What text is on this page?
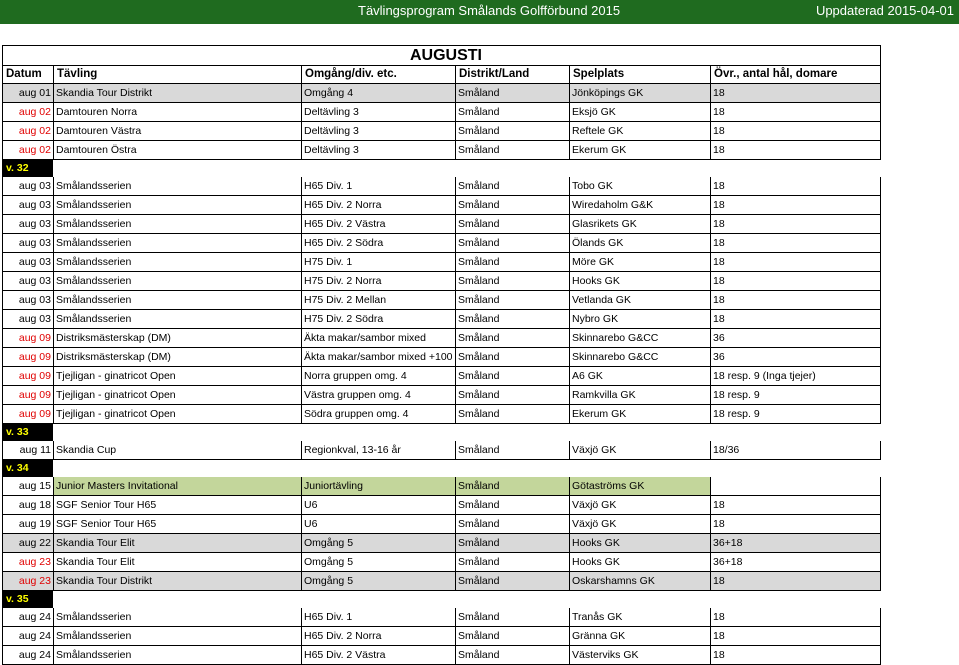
Tävlingsprogram Smålands Golfförbund 2015	Uppdaterad 2015-04-01
AUGUSTI
Datum	Tävling	Omgång/div. etc.	Distrikt/Land	Spelplats	Övr., antal hål, domare
aug 01 Skandia Tour Distrikt	Omgång 4	Småland	Jönköpings GK	18
aug 02 Damtouren Norra	Deltävling 3	Småland	Eksjö GK	18
aug 02 Damtouren Västra	Deltävling 3	Småland	Reftele GK	18
aug 02 Damtouren Östra	Deltävling 3	Småland	Ekerum GK	18
v. 32
aug 03 Smålandsserien	H65 Div. 1	Småland	Tobo GK	18
aug 03 Smålandsserien	H65 Div. 2 Norra	Småland	Wiredaholm G&K	18
aug 03 Smålandsserien	H65 Div. 2 Västra	Småland	Glasrikets GK	18
aug 03 Smålandsserien	H65 Div. 2 Södra	Småland	Ölands GK	18
aug 03 Smålandsserien	H75 Div. 1	Småland	Möre GK	18
aug 03 Smålandsserien	H75 Div. 2 Norra	Småland	Hooks GK	18
aug 03 Smålandsserien	H75 Div. 2 Mellan	Småland	Vetlanda GK	18
aug 03 Smålandsserien	H75 Div. 2 Södra	Småland	Nybro GK	18
aug 09 Distriksmästerskap (DM)	Äkta makar/sambor mixed	Småland	Skinnarebo G&CC	36
aug 09 Distriksmästerskap (DM)	Äkta makar/sambor mixed +100 Småland	Skinnarebo G&CC	36
aug 09 Tjejligan - ginatricot Open	Norra gruppen omg. 4	Småland	A6 GK	18 resp. 9 (Inga tjejer)
aug 09 Tjejligan - ginatricot Open	Västra gruppen omg. 4	Småland	Ramkvilla GK	18 resp. 9
aug 09 Tjejligan - ginatricot Open	Södra gruppen omg. 4	Småland	Ekerum GK	18 resp. 9
v. 33
aug 11 Skandia Cup	Regionkval, 13-16 år	Småland	Växjö GK	18/36
v. 34
aug 15 Junior Masters Invitational	Juniortävling	Småland	Götaströms GK
aug 18 SGF Senior Tour H65	U6	Småland	Växjö GK	18
aug 19 SGF Senior Tour H65	U6	Småland	Växjö GK	18
aug 22 Skandia Tour Elit	Omgång 5	Småland	Hooks GK	36+18
aug 23 Skandia Tour Elit	Omgång 5	Småland	Hooks GK	36+18
aug 23 Skandia Tour Distrikt	Omgång 5	Småland	Oskarshamns GK	18
v. 35
aug 24 Smålandsserien	H65 Div. 1	Småland	Tranås GK	18
aug 24 Smålandsserien	H65 Div. 2 Norra	Småland	Gränna GK	18
aug 24 Smålandsserien	H65 Div. 2 Västra	Småland	Västerviks GK	18
